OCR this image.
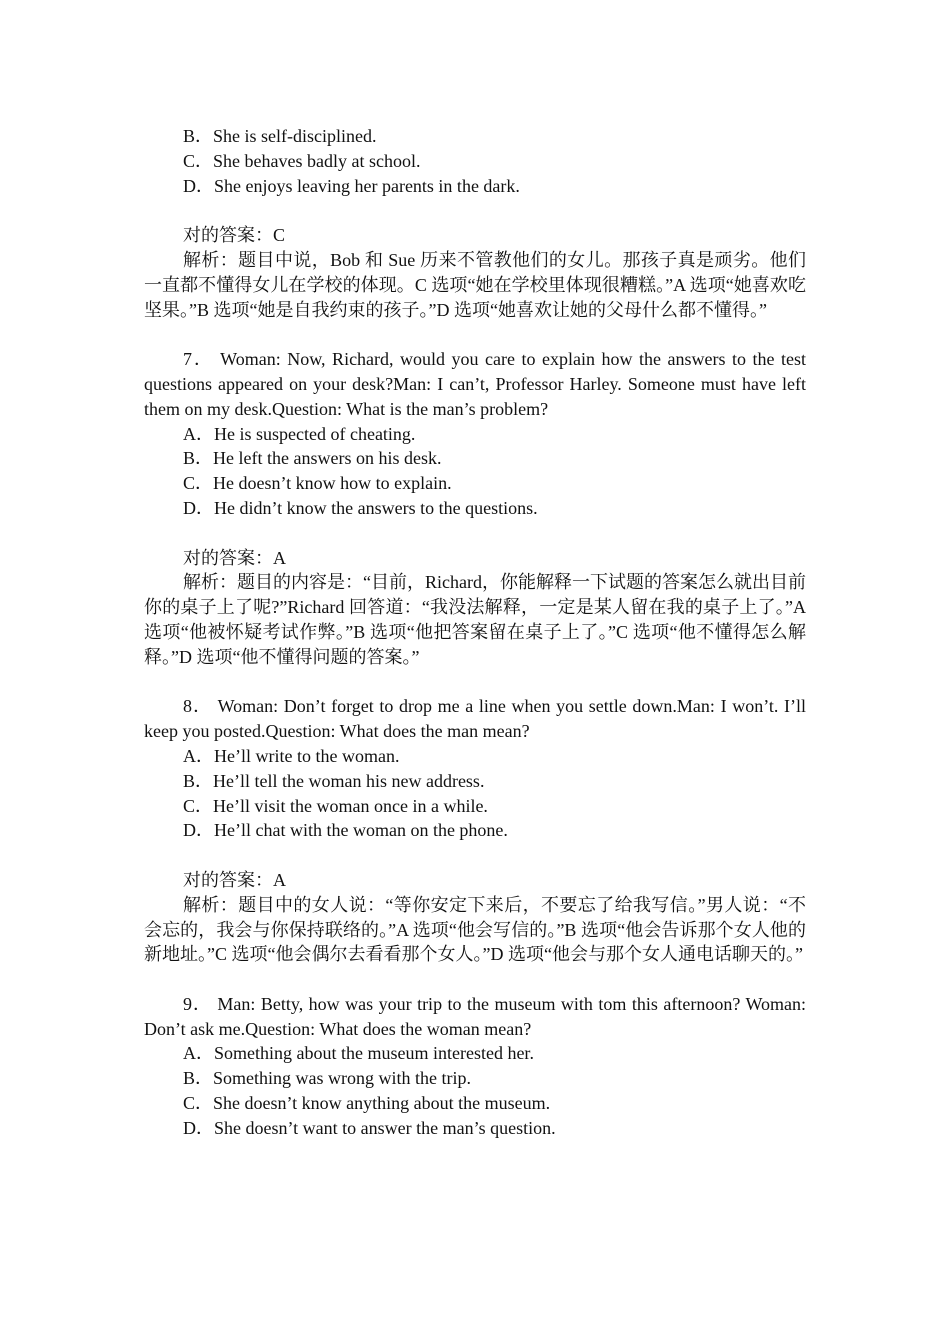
B．She is self-disciplined.
C．She behaves badly at school.
D．She enjoys leaving her parents in the dark.
对的答案：C
解析：题目中说，Bob 和 Sue 历来不管教他们的女儿。那孩子真是顽劣。他们一直都不懂得女儿在学校的体现。C 选项“她在学校里体现很糟糕。”A 选项“她喜欢吃坚果。”B 选项“她是自我约束的孩子。”D 选项“她喜欢让她的父母什么都不懂得。”
7． Woman: Now, Richard, would you care to explain how the answers to the test questions appeared on your desk?Man: I can’t, Professor Harley. Someone must have left them on my desk.Question: What is the man’s problem?
A．He is suspected of cheating.
B．He left the answers on his desk.
C．He doesn’t know how to explain.
D．He didn’t know the answers to the questions.
对的答案：A
解析：题目的内容是：“目前，Richard，你能解释一下试题的答案怎么就出目前你的桌子上了呢?”Richard 回答道：“我没法解释，一定是某人留在我的桌子上了。”A 选项“他被怀疑考试作弊。”B 选项“他把答案留在桌子上了。”C 选项“他不懂得怎么解释。”D 选项“他不懂得问题的答案。”
8． Woman: Don’t forget to drop me a line when you settle down.Man: I won’t. I’ll keep you posted.Question: What does the man mean?
A．He’ll write to the woman.
B．He’ll tell the woman his new address.
C．He’ll visit the woman once in a while.
D．He’ll chat with the woman on the phone.
对的答案：A
解析：题目中的女人说：“等你安定下来后，不要忘了给我写信。”男人说：“不会忘的，我会与你保持联络的。”A 选项“他会写信的。”B 选项“他会告诉那个女人他的新地址。”C 选项“他会偶尔去看看那个女人。”D 选项“他会与那个女人通电话聊天的。”
9． Man: Betty, how was your trip to the museum with tom this afternoon? Woman: Don’t ask me.Question: What does the woman mean?
A．Something about the museum interested her.
B．Something was wrong with the trip.
C．She doesn’t know anything about the museum.
D．She doesn’t want to answer the man’s question.
